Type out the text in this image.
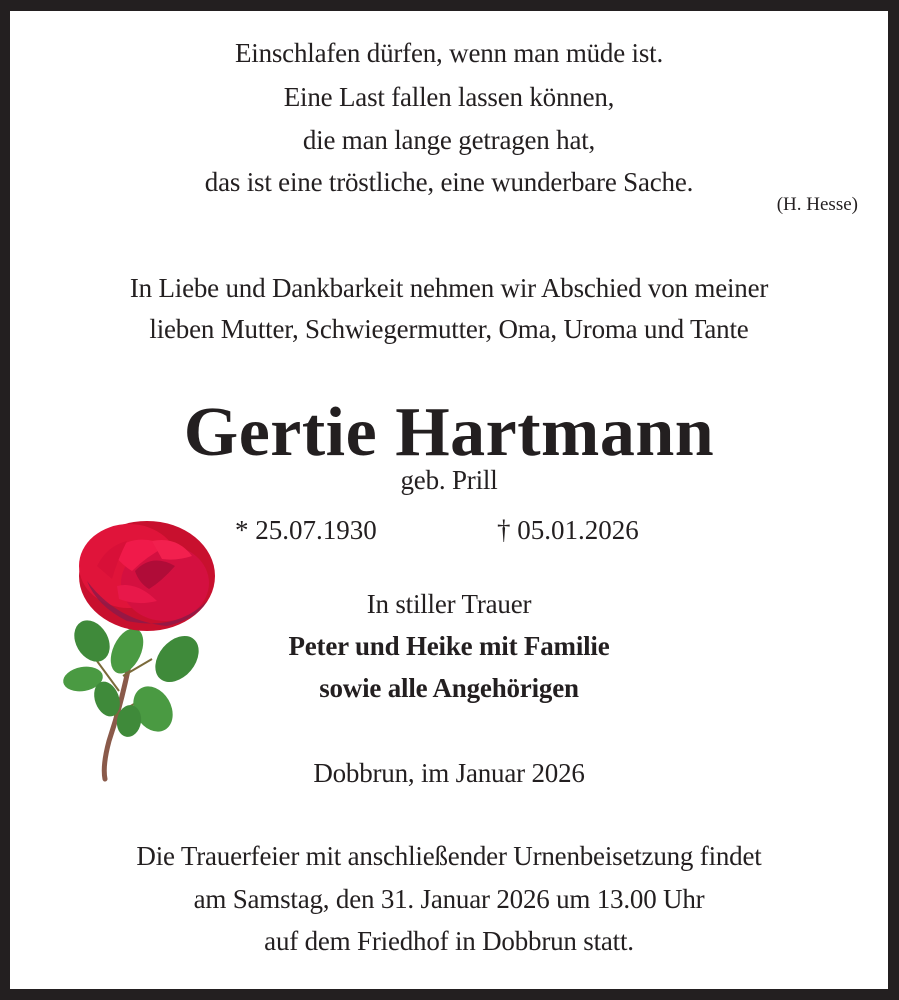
Einschlafen dürfen, wenn man müde ist.
Eine Last fallen lassen können,
die man lange getragen hat,
das ist eine tröstliche, eine wunderbare Sache.
(H. Hesse)
In Liebe und Dankbarkeit nehmen wir Abschied von meiner
lieben Mutter, Schwiegermutter, Oma, Uroma und Tante
Gertie Hartmann
geb. Prill
* 25.07.1930	† 05.01.2026
In stiller Trauer
Peter und Heike mit Familie
sowie alle Angehörigen
Dobbrun, im Januar 2026
Die Trauerfeier mit anschließender Urnenbeisetzung findet
am Samstag, den 31. Januar 2026 um 13.00 Uhr
auf dem Friedhof in Dobbrun statt.
